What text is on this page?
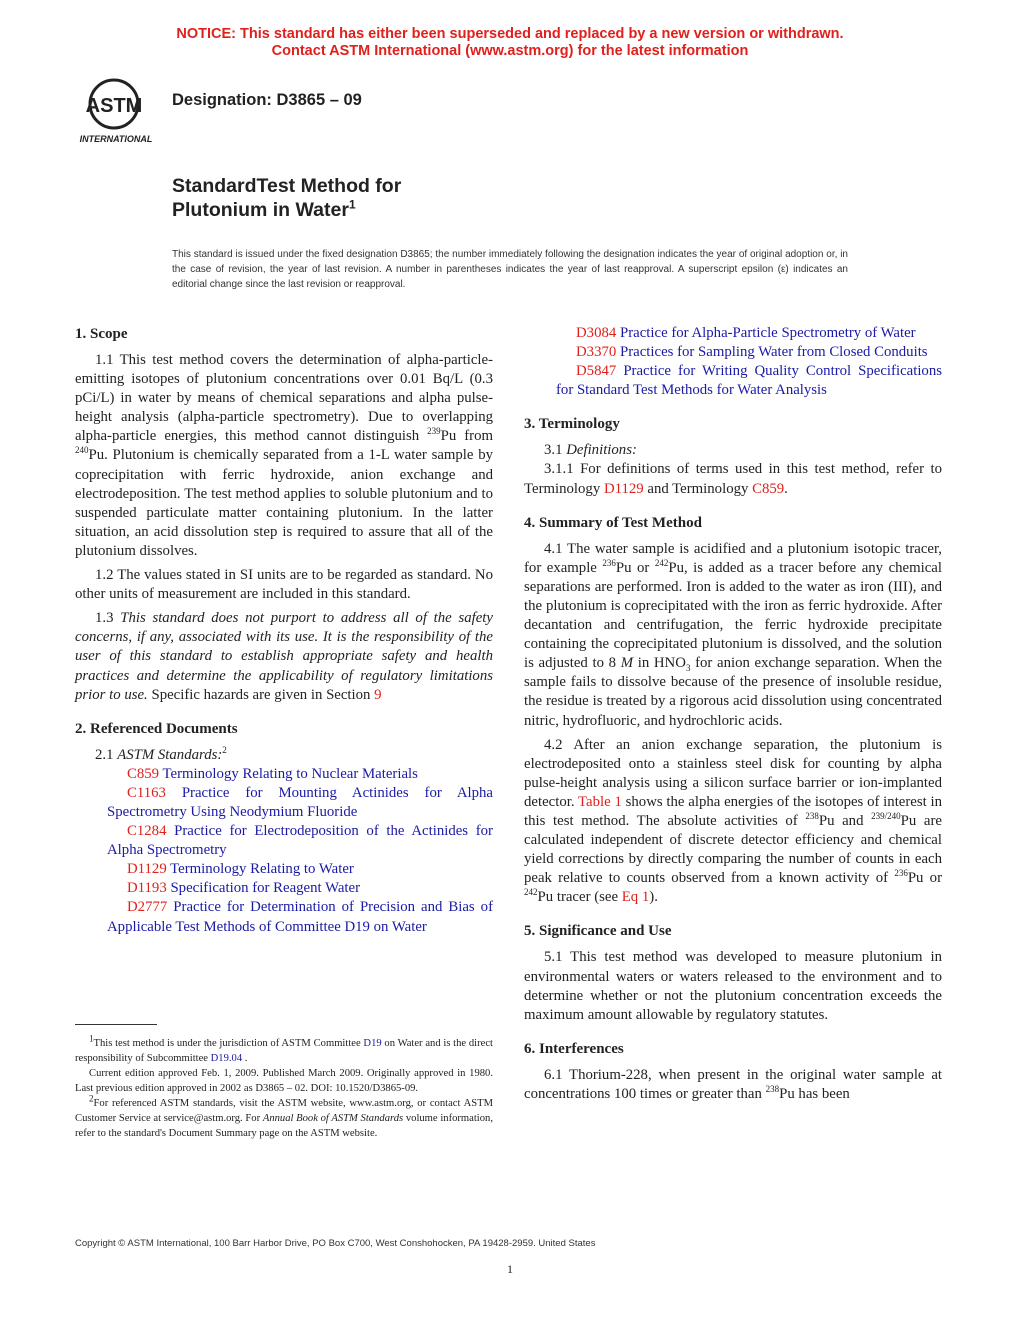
NOTICE: This standard has either been superseded and replaced by a new version or withdrawn.
Contact ASTM International (www.astm.org) for the latest information
ASTM
INTERNATIONAL
Designation: D3865 – 09
StandardTest Method for
Plutonium in Water$^1$
This standard is issued under the fixed designation D3865; the number immediately following the designation indicates the year of original adoption or, in the case of revision, the year of last revision. A number in parentheses indicates the year of last reapproval. A superscript epsilon (ε) indicates an editorial change since the last revision or reapproval.

1. Scope

1.1 This test method covers the determination of alpha-particle-emitting isotopes of plutonium concentrations over 0.01 Bq/L (0.3 pCi/L) in water by means of chemical separations and alpha pulse-height analysis (alpha-particle spectrometry). Due to overlapping alpha-particle energies, this method cannot distinguish $^{239}$Pu from $^{240}$Pu. Plutonium is chemically separated from a 1-L water sample by coprecipitation with ferric hydroxide, anion exchange and electrodeposition. The test method applies to soluble plutonium and to suspended particulate matter containing plutonium. In the latter situation, an acid dissolution step is required to assure that all of the plutonium dissolves.

1.2 The values stated in SI units are to be regarded as standard. No other units of measurement are included in this standard.

1.3 This standard does not purport to address all of the safety concerns, if any, associated with its use. It is the responsibility of the user of this standard to establish appropriate safety and health practices and determine the applicability of regulatory limitations prior to use. Specific hazards are given in Section 9

2. Referenced Documents

2.1 ASTM Standards:$^2$

C859 Terminology Relating to Nuclear Materials

C1163 Practice for Mounting Actinides for Alpha Spectrometry Using Neodymium Fluoride

C1284 Practice for Electrodeposition of the Actinides for Alpha Spectrometry

D1129 Terminology Relating to Water

D1193 Specification for Reagent Water

D2777 Practice for Determination of Precision and Bias of Applicable Test Methods of Committee D19 on Water

$^1$This test method is under the jurisdiction of ASTM Committee D19 on Water and is the direct responsibility of Subcommittee D19.04 .

Current edition approved Feb. 1, 2009. Published March 2009. Originally approved in 1980. Last previous edition approved in 2002 as D3865 – 02. DOI: 10.1520/D3865-09.

$^2$For referenced ASTM standards, visit the ASTM website, www.astm.org, or contact ASTM Customer Service at service@astm.org. For Annual Book of ASTM Standards volume information, refer to the standard's Document Summary page on the ASTM website.

D3084 Practice for Alpha-Particle Spectrometry of Water

D3370 Practices for Sampling Water from Closed Conduits

D5847 Practice for Writing Quality Control Specifications for Standard Test Methods for Water Analysis

3. Terminology

3.1 Definitions:

3.1.1 For definitions of terms used in this test method, refer to Terminology D1129 and Terminology C859.

4. Summary of Test Method

4.1 The water sample is acidified and a plutonium isotopic tracer, for example $^{236}$Pu or $^{242}$Pu, is added as a tracer before any chemical separations are performed. Iron is added to the water as iron (III), and the plutonium is coprecipitated with the iron as ferric hydroxide. After decantation and centrifugation, the ferric hydroxide precipitate containing the coprecipitated plutonium is dissolved, and the solution is adjusted to 8 M in $HNO_3$ for anion exchange separation. When the sample fails to dissolve because of the presence of insoluble residue, the residue is treated by a rigorous acid dissolution using concentrated nitric, hydrofluoric, and hydrochloric acids.

4.2 After an anion exchange separation, the plutonium is electrodeposited onto a stainless steel disk for counting by alpha pulse-height analysis using a silicon surface barrier or ion-implanted detector. Table 1 shows the alpha energies of the isotopes of interest in this test method. The absolute activities of $^{238}$Pu and $^{239/240}$Pu are calculated independent of discrete detector efficiency and chemical yield corrections by directly comparing the number of counts in each peak relative to counts observed from a known activity of $^{236}$Pu or $^{242}$Pu tracer (see Eq 1).

5. Significance and Use

5.1 This test method was developed to measure plutonium in environmental waters or waters released to the environment and to determine whether or not the plutonium concentration exceeds the maximum amount allowable by regulatory statutes.

6. Interferences

6.1 Thorium-228, when present in the original water sample at concentrations 100 times or greater than $^{238}$Pu has been

Copyright © ASTM International, 100 Barr Harbor Drive, PO Box C700, West Conshohocken, PA 19428-2959. United States
1
